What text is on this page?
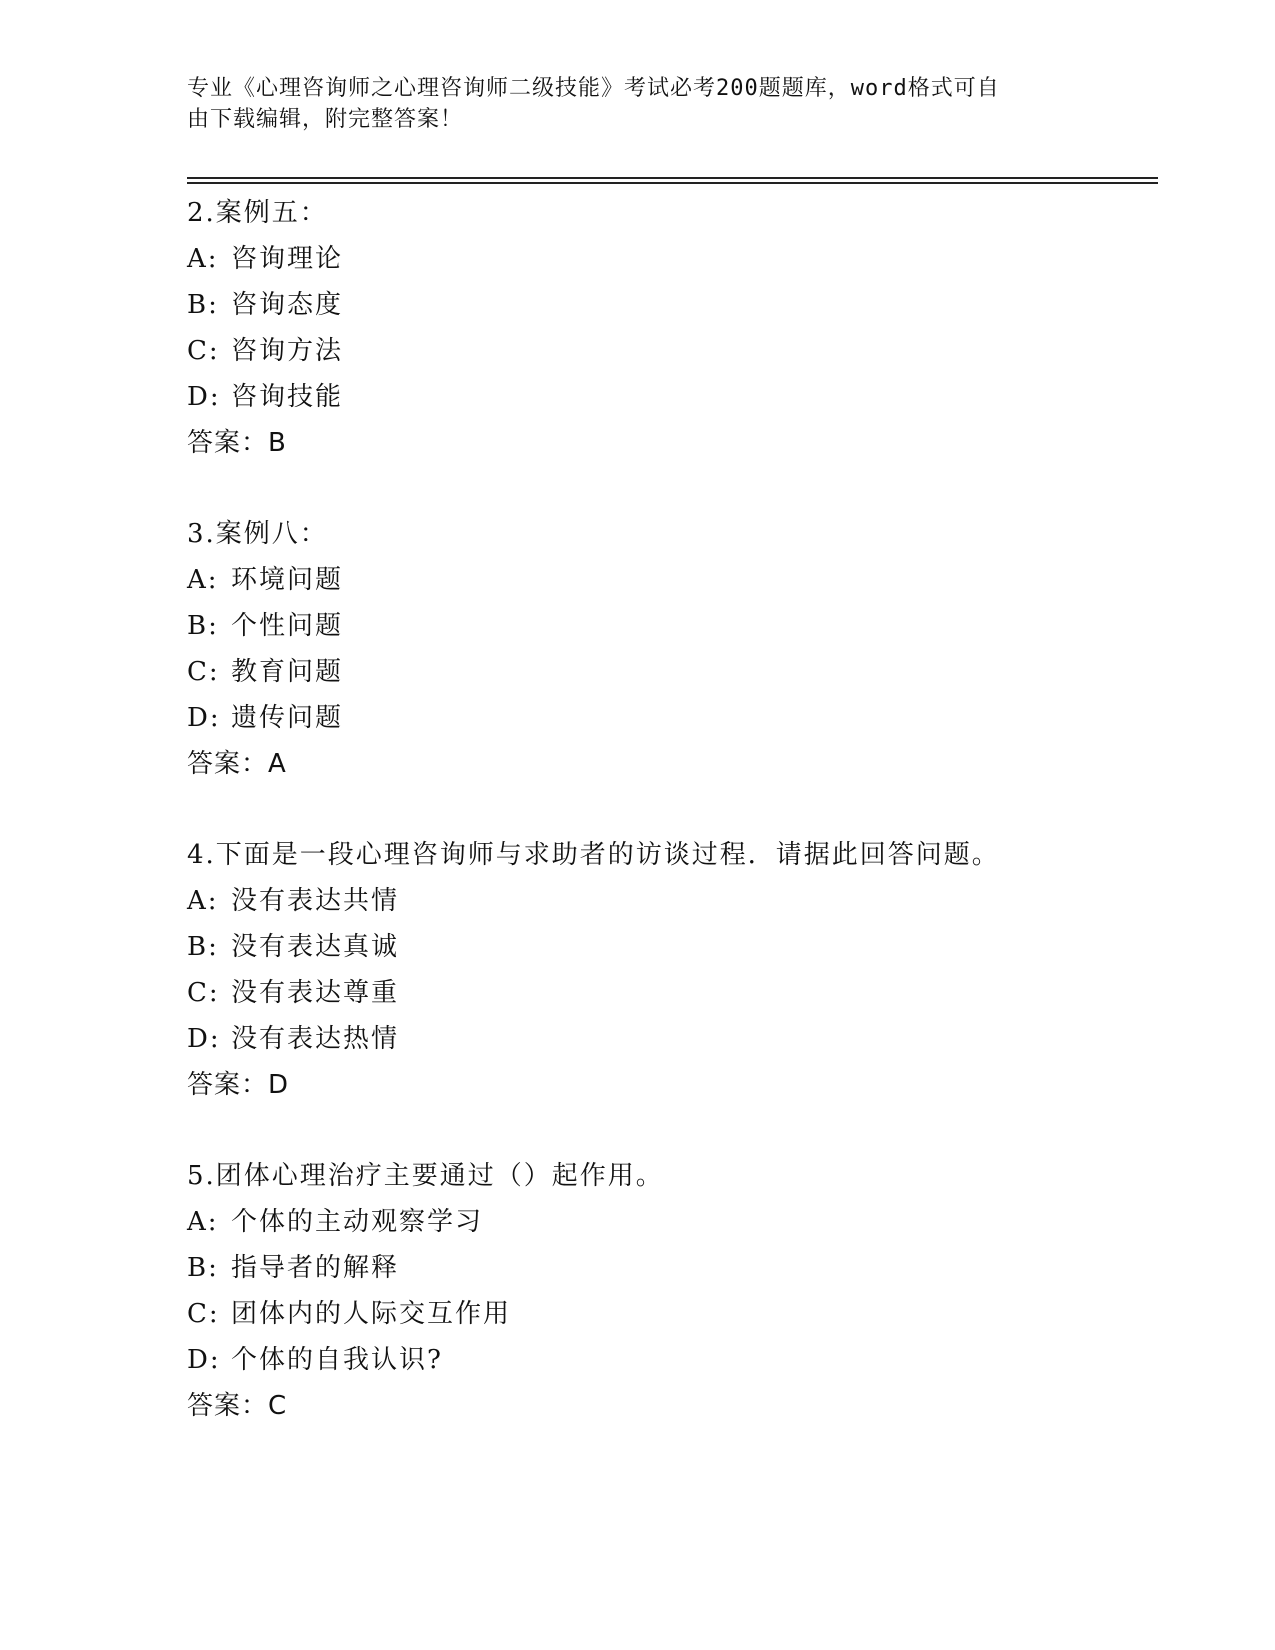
专业《心理咨询师之心理咨询师二级技能》考试必考200题题库，word格式可自
由下载编辑，附完整答案！
2.案例五：
A: 咨询理论
B: 咨询态度
C: 咨询方法
D: 咨询技能
答案：B
3.案例八：
A: 环境问题
B: 个性问题
C: 教育问题
D: 遗传问题
答案：A
4.下面是一段心理咨询师与求助者的访谈过程．请据此回答问题。
A: 没有表达共情
B: 没有表达真诚
C: 没有表达尊重
D: 没有表达热情
答案：D
5.团体心理治疗主要通过（）起作用。
A: 个体的主动观察学习
B: 指导者的解释
C: 团体内的人际交互作用
D: 个体的自我认识?
答案：C
